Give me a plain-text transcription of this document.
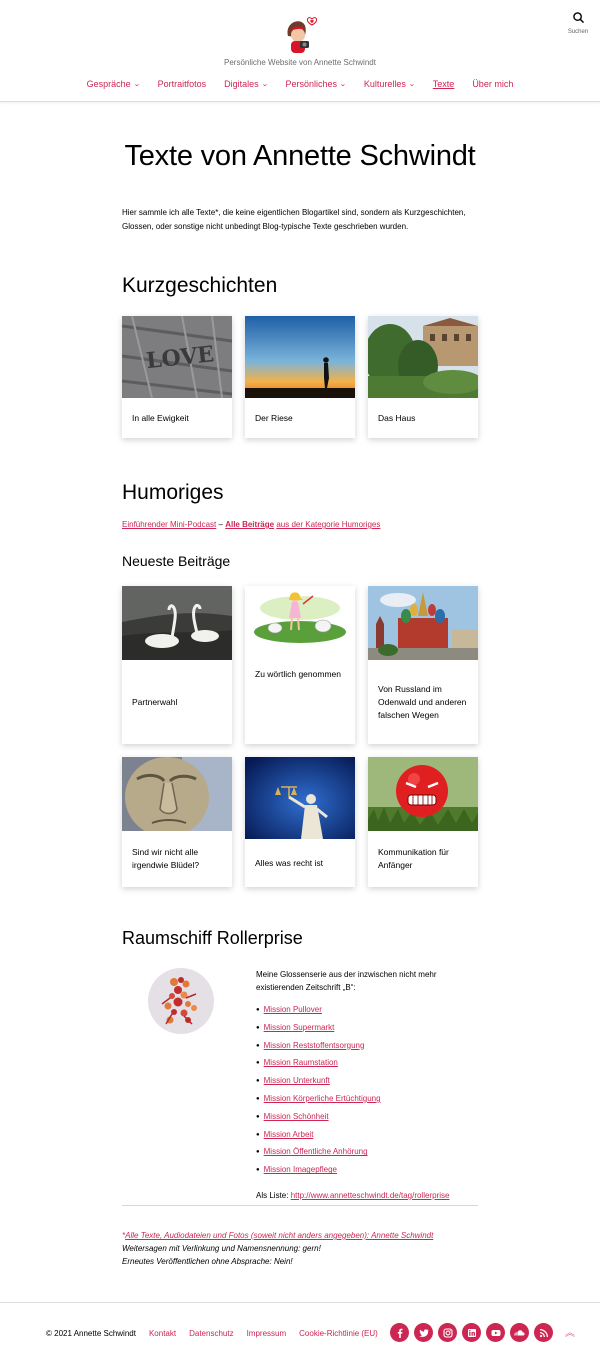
Persönliche Website von Annette Schwindt
Suchen
Gespräche ⌄ Portraitfotos Digitales ⌄ Persönliches ⌄ Kulturelles ⌄ Texte Über mich
Texte von Annette Schwindt

Hier sammle ich alle Texte*, die keine eigentlichen Blogartikel sind, sondern als Kurzgeschichten, Glossen, oder sonstige nicht unbedingt Blog-typische Texte geschrieben wurden.

Kurzgeschichten
LOVE
In alle Ewigkeit	Der Riese	Das Haus
Humoriges
Einführender Mini-Podcast – Alle Beiträge aus der Kategorie Humoriges
Neueste Beiträge
Partnerwahl
Zu wörtlich genommen
Von Russland im Odenwald und anderen falschen Wegen
Sind wir nicht alle irgendwie Blüdel?	Alles was recht ist
Kommunikation für Anfänger
Raumschiff Rollerprise

Meine Glossenserie aus der inzwischen nicht mehr existierenden Zeitschrift „B“:

● Mission Pullover
● Mission Supermarkt
● Mission Reststoffentsorgung
● Mission Raumstation
● Mission Unterkunft
● Mission Körperliche Ertüchtigung
● Mission Schönheit
● Mission Arbeit
● Mission Öffentliche Anhörung
● Mission Imagepflege

Als Liste: http://www.annetteschwindt.de/tag/rollerprise

*Alle Texte, Audiodateien und Fotos (soweit nicht anders angegeben): Annette Schwindt

Weitersagen mit Verlinkung und Namensnennung: gern!

Erneutes Veröffentlichen ohne Absprache: Nein!

© 2021 Annette Schwindt Kontakt Datenschutz Impressum Cookie-Richtlinie (EU)	︽
